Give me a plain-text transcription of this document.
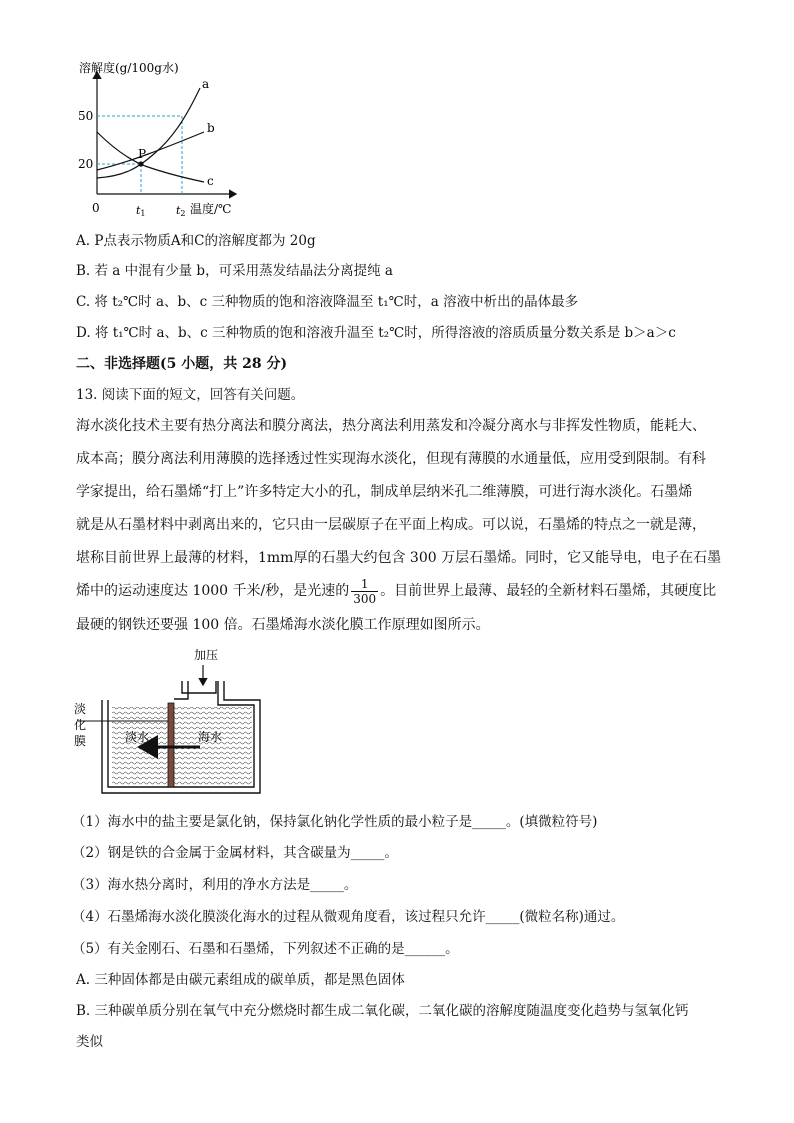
溶解度(g/100g水)
50
20
0
P
a
b
c
t1	t2 温度/℃
A. P点表示物质A和C的溶解度都为 20g
B. 若 a 中混有少量 b，可采用蒸发结晶法分离提纯 a
C. 将 t₂℃时 a、b、c 三种物质的饱和溶液降温至 t₁℃时，a 溶液中析出的晶体最多
D. 将 t₁℃时 a、b、c 三种物质的饱和溶液升温至 t₂℃时，所得溶液的溶质质量分数关系是 b＞a＞c
二、非选择题(5 小题，共 28 分)
13. 阅读下面的短文，回答有关问题。
海水淡化技术主要有热分离法和膜分离法，热分离法利用蒸发和冷凝分离水与非挥发性物质，能耗大、
成本高；膜分离法利用薄膜的选择透过性实现海水淡化，但现有薄膜的水通量低，应用受到限制。有科
学家提出，给石墨烯“打上”许多特定大小的孔，制成单层纳米孔二维薄膜，可进行海水淡化。石墨烯
就是从石墨材料中剥离出来的，它只由一层碳原子在平面上构成。可以说，石墨烯的特点之一就是薄，
堪称目前世界上最薄的材料，1mm厚的石墨大约包含 300 万层石墨烯。同时，它又能导电，电子在石墨
烯中的运动速度达 1000 千米/秒，是光速的 $\frac{1}{300}$ 。目前世界上最薄、最轻的全新材料石墨烯，其硬度比
最硬的钢铁还要强 100 倍。石墨烯海水淡化膜工作原理如图所示。
加压
淡
化
膜	淡水	海水
（1）海水中的盐主要是氯化钠，保持氯化钠化学性质的最小粒子是_____。(填微粒符号)
（2）钢是铁的合金属于金属材料，其含碳量为_____。
（3）海水热分离时，利用的净水方法是_____。
（4）石墨烯海水淡化膜淡化海水的过程从微观角度看，该过程只允许_____(微粒名称)通过。
（5）有关金刚石、石墨和石墨烯，下列叙述不正确的是______。
A. 三种固体都是由碳元素组成的碳单质，都是黑色固体
B. 三种碳单质分别在氧气中充分燃烧时都生成二氧化碳，二氧化碳的溶解度随温度变化趋势与氢氧化钙
类似
